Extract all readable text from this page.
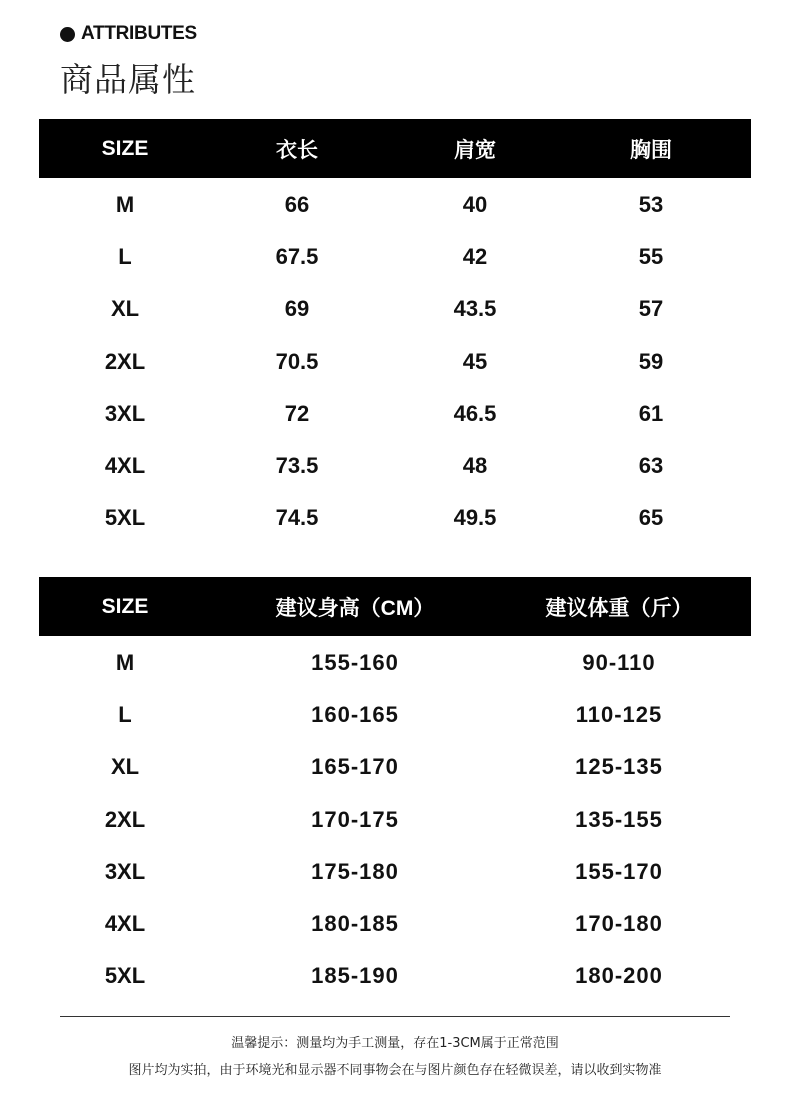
ATTRIBUTES
商品属性
SIZE	衣长	肩宽	胸围
M	66	40	53
L	67.5	42	55
XL	69	43.5	57
2XL	70.5	45	59
3XL	72	46.5	61
4XL	73.5	48	63
5XL	74.5	49.5	65
SIZE	建议身高（CM）	建议体重（斤）
M	155-160	90-110
L	160-165	110-125
XL	165-170	125-135
2XL	170-175	135-155
3XL	175-180	155-170
4XL	180-185	170-180
5XL	185-190	180-200

温馨提示：测量均为手工测量，存在1-3CM属于正常范围

图片均为实拍，由于环境光和显示器不同事物会在与图片颜色存在轻微误差，请以收到实物准
